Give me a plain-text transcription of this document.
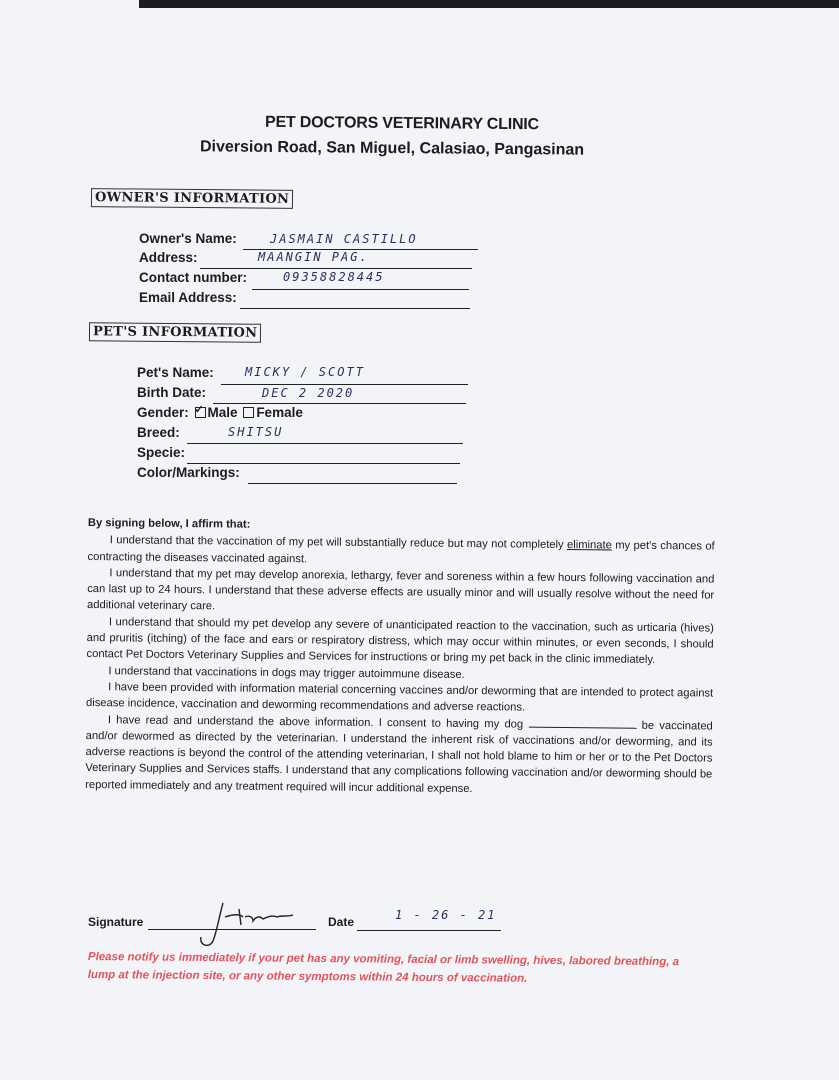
PET DOCTORS VETERINARY CLINIC
Diversion Road, San Miguel, Calasiao, Pangasinan
OWNER'S INFORMATION
Owner's Name:	JASMAIN CASTILLO
Address:	MAANGIN PAG.
Contact number:	09358828445
Email Address:
PET'S INFORMATION
Pet's Name:	MICKY / SCOTT
Birth Date:	DEC 2 2020
Gender: ✓ Male Female
Breed:	SHITSU
Specie:
Color/Markings:
By signing below, I affirm that:

I understand that the vaccination of my pet will substantially reduce but may not completely eliminate my pet's chances of contracting the diseases vaccinated against.

I understand that my pet may develop anorexia, lethargy, fever and soreness within a few hours following vaccination and can last up to 24 hours. I understand that these adverse effects are usually minor and will usually resolve without the need for additional veterinary care.

I understand that should my pet develop any severe of unanticipated reaction to the vaccination, such as urticaria (hives) and pruritis (itching) of the face and ears or respiratory distress, which may occur within minutes, or even seconds, I should contact Pet Doctors Veterinary Supplies and Services for instructions or bring my pet back in the clinic immediately.

I understand that vaccinations in dogs may trigger autoimmune disease.

I have been provided with information material concerning vaccines and/or deworming that are intended to protect against disease incidence, vaccination and deworming recommendations and adverse reactions.

I have read and understand the above information. I consent to having my dog	be vaccinated and/or dewormed as directed by the veterinarian. I understand the inherent risk of vaccinations and/or deworming, and its adverse reactions is beyond the control of the attending veterinarian, I shall not hold blame to him or her or to the Pet Doctors Veterinary Supplies and Services staffs. I understand that any complications following vaccination and/or deworming should be reported immediately and any treatment required will incur additional expense.

Signature	Date	1 - 26 - 21
Please notify us immediately if your pet has any vomiting, facial or limb swelling, hives, labored breathing, a lump at the injection site, or any other symptoms within 24 hours of vaccination.
